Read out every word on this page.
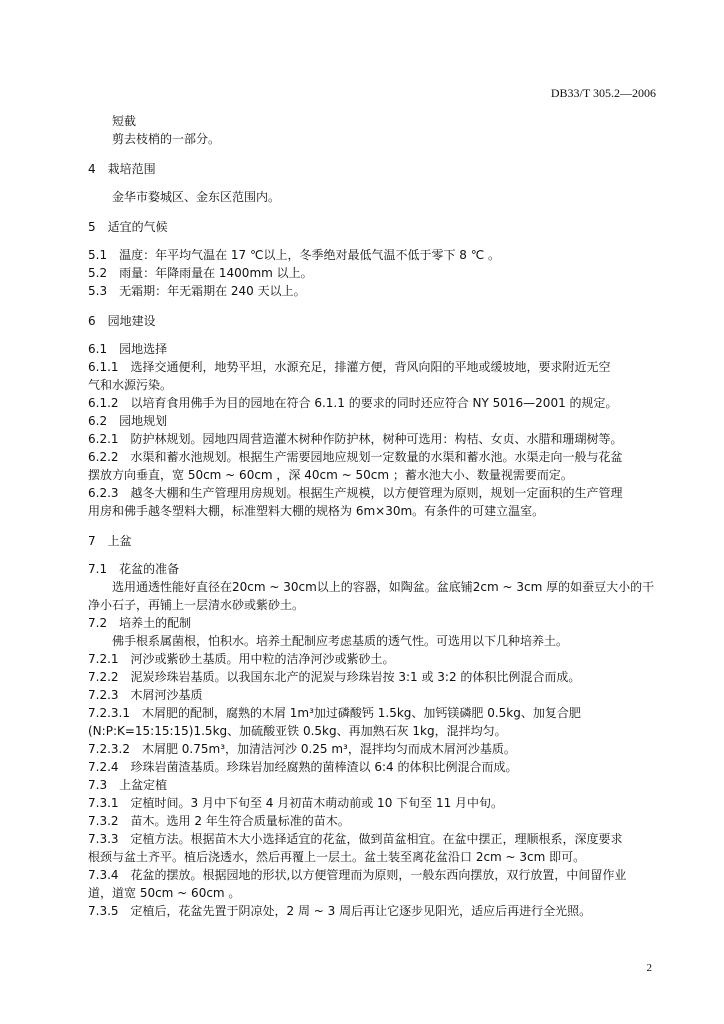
DB33/T 305.2—2006

短截

剪去枝梢的一部分。

4　栽培范围

金华市婺城区、金东区范围内。

5　适宜的气候

5.1　温度：年平均气温在 17 ℃以上，冬季绝对最低气温不低于零下 8 ℃ 。

5.2　雨量：年降雨量在 1400mm 以上。

5.3　无霜期：年无霜期在 240 天以上。

6　园地建设

6.1　园地选择

6.1.1　选择交通便利，地势平坦，水源充足，排灌方便，背风向阳的平地或缓坡地，要求附近无空

气和水源污染。

6.1.2　以培育食用佛手为目的园地在符合 6.1.1 的要求的同时还应符合 NY 5016—2001 的规定。

6.2　园地规划

6.2.1　防护林规划。园地四周营造灌木树种作防护林，树种可选用：构桔、女贞、水腊和珊瑚树等。

6.2.2　水渠和蓄水池规划。根据生产需要园地应规划一定数量的水渠和蓄水池。水渠走向一般与花盆

摆放方向垂直，宽 50cm ~ 60cm ，深 40cm ~ 50cm ；蓄水池大小、数量视需要而定。

6.2.3　越冬大棚和生产管理用房规划。根据生产规模，以方便管理为原则，规划一定面积的生产管理

用房和佛手越冬塑料大棚，标准塑料大棚的规格为 6m×30m。有条件的可建立温室。

7　上盆

7.1　花盆的准备

选用通透性能好直径在20cm ~ 30cm以上的容器，如陶盆。盆底铺2cm ~ 3cm 厚的如蚕豆大小的干

净小石子，再铺上一层清水砂或紫砂土。

7.2　培养土的配制

佛手根系属菌根，怕积水。培养土配制应考虑基质的透气性。可选用以下几种培养土。

7.2.1　河沙或紫砂土基质。用中粒的洁净河沙或紫砂土。

7.2.2　泥炭珍珠岩基质。以我国东北产的泥炭与珍珠岩按 3:1 或 3:2 的体积比例混合而成。

7.2.3　木屑河沙基质

7.2.3.1　木屑肥的配制，腐熟的木屑 1m³加过磷酸钙 1.5kg、加钙镁磷肥 0.5kg、加复合肥

(N:P:K=15:15:15)1.5kg、加硫酸亚铁 0.5kg、再加熟石灰 1kg，混拌均匀。

7.2.3.2　木屑肥 0.75m³，加清洁河沙 0.25 m³，混拌均匀而成木屑河沙基质。

7.2.4　珍珠岩菌渣基质。珍珠岩加经腐熟的菌棒渣以 6:4 的体积比例混合而成。

7.3　上盆定植

7.3.1　定植时间。3 月中下旬至 4 月初苗木萌动前或 10 下旬至 11 月中旬。

7.3.2　苗木。选用 2 年生符合质量标准的苗木。

7.3.3　定植方法。根据苗木大小选择适宜的花盆，做到苗盆相宜。在盆中摆正，理顺根系，深度要求

根颈与盆土齐平。植后浇透水，然后再覆上一层土。盆土装至离花盆沿口 2cm ~ 3cm 即可。

7.3.4　花盆的摆放。根据园地的形状,以方便管理而为原则，一般东西向摆放，双行放置，中间留作业

道，道宽 50cm ~ 60cm 。

7.3.5　定植后，花盆先置于阴凉处，2 周 ~ 3 周后再让它逐步见阳光，适应后再进行全光照。

2
